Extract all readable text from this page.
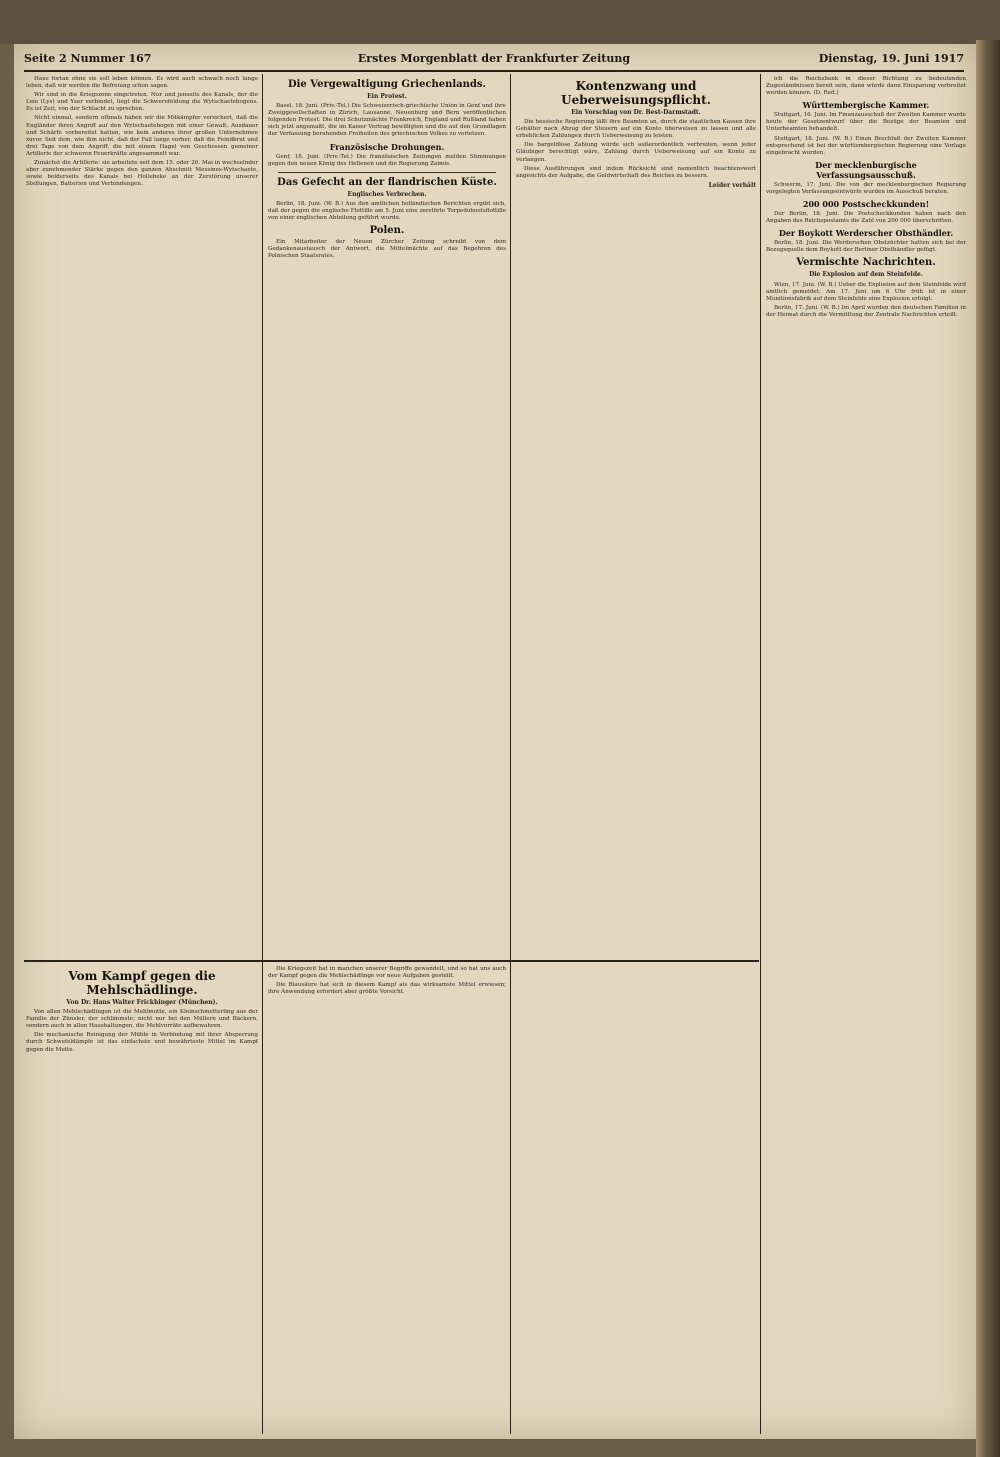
Seite 2 Nummer 167	Erstes Morgenblatt der Frankfurter Zeitung	Dienstag, 19. Juni 1917

Haus fortan ohne sie soll leben können. Es wird auch schwach noch lange leben, daß wir werden die Befreiung schon sagen.

Wir sind in die Kriegszone eingetreten. Nur und jenseits des Kanals, der die Leie (Lys) und Yser verbindet, liegt die Schwerefeldung die Wytschaetebogens. Es ist Zeit, von der Schlacht zu sprechen.

Nicht einmal, sondern oftmals haben wir die Mitkämpfer versichert, daß die Engländer ihren Angriff auf den Wytschaetebogen mit einer Gewalt, Ausdauer und Schärfe vorbereitet hatten, wie kein anderes ihrer großen Unternehmen zuvor. Seit dem, wie ihm nicht, daß der Fall lange vorher, daß die Feindbrut und drei Tage von dem Angriff, die mit einem Hagel von Geschossen gemeiner Artillerie der schweren Feuerkräfte angesammelt war.

Zunächst die Artillerie: sie arbeitete seit dem 15. oder 20. Mai in wechselnder aber zunehmender Stärke gegen den ganzen Abschnitt Messines-Wytschaete, sowie beiderseits des Kanals bei Hollebeke an der Zerstörung unserer Stellungen, Batterien und Verbindungen.

Die Vergewaltigung Griechenlands.
Ein Protest.

Basel, 18. Juni. (Priv.-Tel.) Die Schweizerisch-griechische Union in Genf und ihre Zweiggesellschaften in Zürich, Lausanne, Neuenburg und Bern veröffentlichen folgenden Protest: Die drei Schutzmächte Frankreich, England und Rußland haben sich jetzt angemaßt, die im Kaiser Vertrag bewilligten und die auf den Grundlagen der Verfassung beruhenden Freiheiten des griechischen Volkes zu verletzen.

Französische Drohungen.

Genf, 18. Juni. (Priv.-Tel.) Die französischen Zeitungen melden Stimmungen gegen den neuen König des Hellenen und die Regierung Zaimis.

Das Gefecht an der flandrischen Küste.
Englisches Verbrechen.

Berlin, 18. Juni. (W. B.) Aus den amtlichen holländischen Berichten ergibt sich, daß der gegen die englische Flottille am 5. Juni eine zerstörte Torpedobootsflottille von einer englischen Abteilung geführt wurde.

Polen.

Ein Mitarbeiter der Neuen Zürcher Zeitung schreibt von dem Gedankenaustausch der Antwort, die Mittelmächte auf das Begehren des Polnischen Staatsrates.

Kontenzwang und Ueberweisungspflicht.
Ein Vorschlag von Dr. Best-Darmstadt.

Die hessische Regierung läßt ihre Beamten an, durch die staatlichen Kassen ihre Gehälter nach Abzug der Steuern auf ein Konto überweisen zu lassen und alle erheblichen Zahlungen durch Ueberweisung zu leisten.

Die bargeldlose Zahlung würde sich außerordentlich verbreiten, wenn jeder Gläubiger berechtigt wäre, Zahlung durch Ueberweisung auf ein Konto zu verlangen.

Diese Ausführungen sind indem Rücksicht sind namentlich beachtenswert angesichts der Aufgabe, die Geldwirtschaft des Reiches zu bessern.

Leider verhält

ich die Reichsbank in dieser Richtung zu bedeutenden Zugeständnissen bereit sein, dann würde dann Einsparung verbreitet werden können. (D. Red.)

Württembergische Kammer.

Stuttgart, 16. Juni. Im Finanzausschuß der Zweiten Kammer wurde heute der Gesetzentwurf über die Bezüge der Beamten und Unterbeamten behandelt.

Stuttgart, 18. Juni. (W. B.) Einen Beschluß der Zweiten Kammer entsprechend ist bei der württembergischen Regierung eine Vorlage eingebracht worden.

Der mecklenburgische Verfassungsausschuß.

Schwerin, 17. Juni. Die von der mecklenburgischen Regierung vorgelegten Verfassungsentwürfe wurden im Ausschuß beraten.

200 000 Postscheckkunden!

Der Berlin, 18. Juni. Die Postscheckkunden haben nach den Angaben des Reichspostamts die Zahl von 200 000 überschritten.

Der Boykott Werderscher Obsthändler.

Berlin, 18. Juni. Die Werderschen Obstzüchter hatten sich bei der Bezugsquelle dem Boykott der Berliner Obsthändler gefügt.

Vermischte Nachrichten.
Die Explosion auf dem Steinfelde.

Wien, 17. Juni. (W. B.) Ueber die Explosion auf dem Steinfelde wird amtlich gemeldet: Am 17. Juni um 6 Uhr früh ist in einer Munitionsfabrik auf dem Steinfelde eine Explosion erfolgt.

Berlin, 17. Juni. (W. B.) Im April wurden den deutschen Familien in der Heimat durch die Vermittlung der Zentrale Nachrichten erteilt.

Vom Kampf gegen die Mehlschädlinge.
Von Dr. Hans Walter Frickhinger (München).

Von allen Mehlschädlingen ist die Mehlmotte, ein Kleinschmetterling aus der Familie der Zünsler, der schlimmste; nicht nur bei den Müllern und Bäckern, sondern auch in allen Haushaltungen, die Mehlvorräte aufbewahren.

Die mechanische Reinigung der Mühle in Verbindung mit ihrer Absperrung durch Schwefeldämpfe ist das einfachste und bewährteste Mittel im Kampf gegen die Motte.

Die Kriegszeit hat in manchen unserer Begriffe gewandelt, und so hat uns auch der Kampf gegen die Mehlschädlinge vor neue Aufgaben gestellt.

Die Blausäure hat sich in diesem Kampf als das wirksamste Mittel erwiesen; ihre Anwendung erfordert aber größte Vorsicht.
